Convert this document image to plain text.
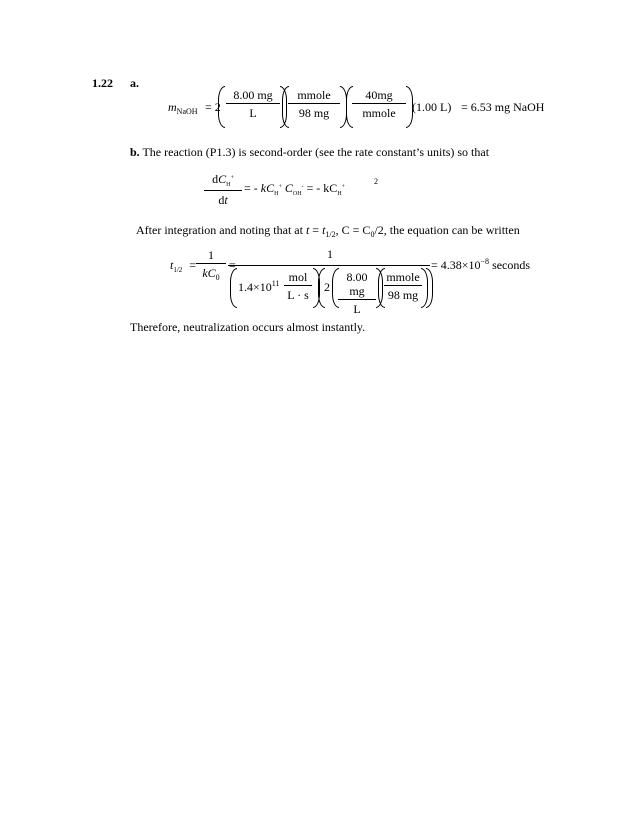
1.22 a.
$m_{NaOH} = 2$
8.00 mg
L
mmole
98 mg
40mg
mmole	(1.00 L) = 6.53 mg NaOH
b. The reaction (P1.3) is second-order (see the rate constant’s units) so that
$dC_H^+$
dt
= - $kC_H^+$ $C_{OH}^-$ = - $kC_H^+$
2
After integration and noting that at $t = t_{1/2}$, $C = C_0/2$, the equation can be written
$t_{1/2}$ =
1
$kC_0$
=
1
$1.4\times 10^{11}$ mol
L · s
2
8.00 mg
L
mmole
98 mg
= $4.38\times 10^{-8}$ seconds
Therefore, neutralization occurs almost instantly.
